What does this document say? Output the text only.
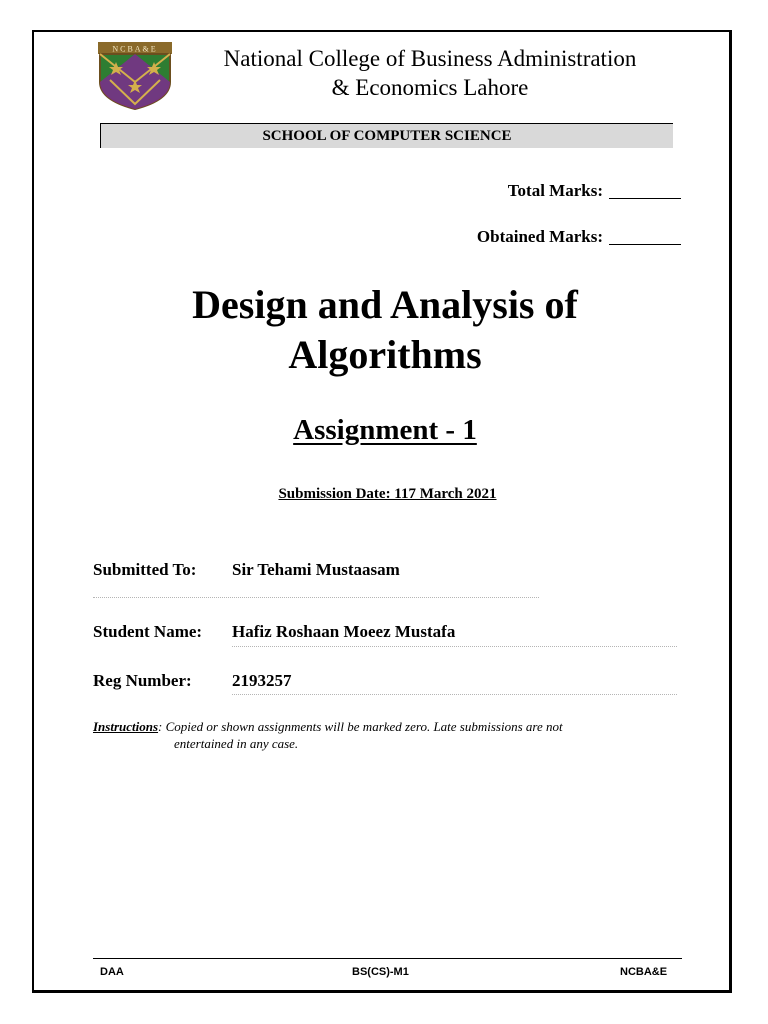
NCBA&E	National College of Business Administration
& Economics Lahore
SCHOOL OF COMPUTER SCIENCE
Total Marks:
Obtained Marks:
Design and Analysis of
Algorithms
Assignment - 1
Submission Date: 117 March 2021
Submitted To: Sir Tehami Mustaasam
Student Name: Hafiz Roshaan Moeez Mustafa
Reg Number: 2193257
Instructions: Copied or shown assignments will be marked zero. Late submissions are not
entertained in any case.
DAA	BS(CS)-M1	NCBA&E
